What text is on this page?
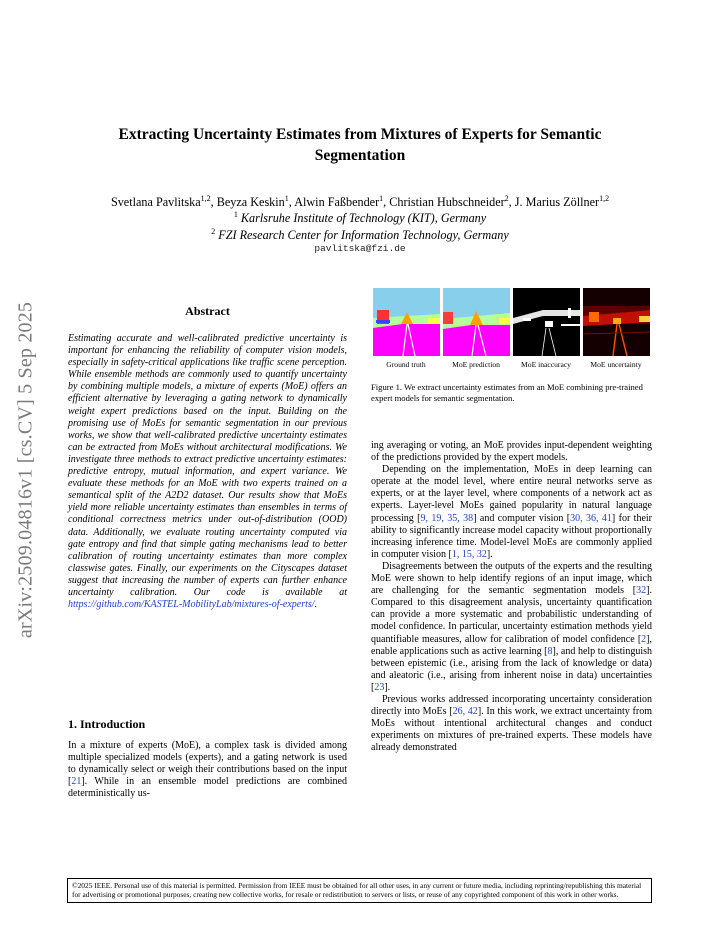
arXiv:2509.04816v1 [cs.CV] 5 Sep 2025
Extracting Uncertainty Estimates from Mixtures of Experts for Semantic
Segmentation
Svetlana Pavlitska$^{1,2}$, Beyza Keskin$^1$, Alwin Faßbender$^1$, Christian Hubschneider$^2$, J. Marius Zöllner$^{1,2}$
$^1$ Karlsruhe Institute of Technology (KIT), Germany
$^2$ FZI Research Center for Information Technology, Germany
pavlitska@fzi.de
Abstract
Estimating accurate and well-calibrated predictive uncertainty is important for enhancing the reliability of computer vision models, especially in safety-critical applications like traffic scene perception. While ensemble methods are commonly used to quantify uncertainty by combining multiple models, a mixture of experts (MoE) offers an efficient alternative by leveraging a gating network to dynamically weight expert predictions based on the input. Building on the promising use of MoEs for semantic segmentation in our previous works, we show that well-calibrated predictive uncertainty estimates can be extracted from MoEs without architectural modifications. We investigate three methods to extract predictive uncertainty estimates: predictive entropy, mutual information, and expert variance. We evaluate these methods for an MoE with two experts trained on a semantical split of the A2D2 dataset. Our results show that MoEs yield more reliable uncertainty estimates than ensembles in terms of conditional correctness metrics under out-of-distribution (OOD) data. Additionally, we evaluate routing uncertainty computed via gate entropy and find that simple gating mechanisms lead to better calibration of routing uncertainty estimates than more complex classwise gates. Finally, our experiments on the Cityscapes dataset suggest that increasing the number of experts can further enhance uncertainty calibration. Our code is available at https://github.com/KASTEL-MobilityLab/mixtures-of-experts/.
1. Introduction

In a mixture of experts (MoE), a complex task is divided among multiple specialized models (experts), and a gating network is used to dynamically select or weigh their contributions based on the input [21]. While in an ensemble model predictions are combined deterministically us-

Ground truth	MoE prediction	MoE inaccuracy	MoE uncertainty
Figure 1. We extract uncertainty estimates from an MoE combining pre-trained expert models for semantic segmentation.

ing averaging or voting, an MoE provides input-dependent weighting of the predictions provided by the expert models.

Depending on the implementation, MoEs in deep learning can operate at the model level, where entire neural networks serve as experts, or at the layer level, where components of a network act as experts. Layer-level MoEs gained popularity in natural language processing [9, 19, 35, 38] and computer vision [30, 36, 41] for their ability to significantly increase model capacity without proportionally increasing inference time. Model-level MoEs are commonly applied in computer vision [1, 15, 32].

Disagreements between the outputs of the experts and the resulting MoE were shown to help identify regions of an input image, which are challenging for the semantic segmentation models [32]. Compared to this disagreement analysis, uncertainty quantification can provide a more systematic and probabilistic understanding of model confidence. In particular, uncertainty estimation methods yield quantifiable measures, allow for calibration of model confidence [2], enable applications such as active learning [8], and help to distinguish between epistemic (i.e., arising from the lack of knowledge or data) and aleatoric (i.e., arising from inherent noise in data) uncertainties [23].

Previous works addressed incorporating uncertainty consideration directly into MoEs [26, 42]. In this work, we extract uncertainty from MoEs without intentional architectural changes and conduct experiments on mixtures of pre-trained experts. These models have already demonstrated

©2025 IEEE. Personal use of this material is permitted. Permission from IEEE must be obtained for all other uses, in any current or future media, including reprinting/republishing this material for advertising or promotional purposes, creating new collective works, for resale or redistribution to servers or lists, or reuse of any copyrighted component of this work in other works.
